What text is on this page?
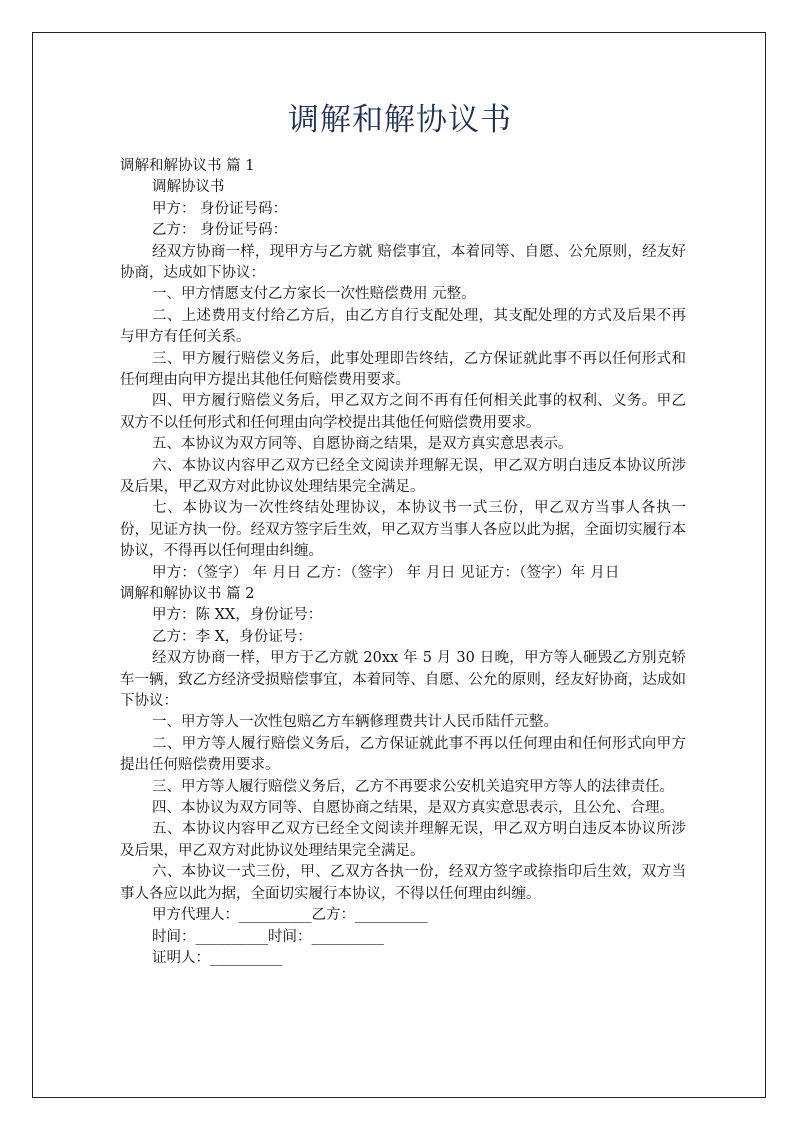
调解和解协议书
调解和解协议书 篇 1
调解协议书
甲方： 身份证号码：
乙方： 身份证号码：
经双方协商一样，现甲方与乙方就 赔偿事宜，本着同等、自愿、公允原则，经友好协商，达成如下协议：
一、甲方情愿支付乙方家长一次性赔偿费用 元整。
二、上述费用支付给乙方后，由乙方自行支配处理，其支配处理的方式及后果不再与甲方有任何关系。
三、甲方履行赔偿义务后，此事处理即告终结，乙方保证就此事不再以任何形式和任何理由向甲方提出其他任何赔偿费用要求。
四、甲方履行赔偿义务后，甲乙双方之间不再有任何相关此事的权利、义务。甲乙双方不以任何形式和任何理由向学校提出其他任何赔偿费用要求。
五、本协议为双方同等、自愿协商之结果，是双方真实意思表示。
六、本协议内容甲乙双方已经全文阅读并理解无误，甲乙双方明白违反本协议所涉及后果，甲乙双方对此协议处理结果完全满足。
七、本协议为一次性终结处理协议，本协议书一式三份，甲乙双方当事人各执一份，见证方执一份。经双方签字后生效，甲乙双方当事人各应以此为据，全面切实履行本协议，不得再以任何理由纠缠。
甲方：（签字） 年 月日 乙方：（签字） 年 月日 见证方：（签字）年 月日
调解和解协议书 篇 2
甲方：陈 XX，身份证号：
乙方：李 X，身份证号：
经双方协商一样，甲方于乙方就 20xx 年 5 月 30 日晚，甲方等人砸毁乙方别克轿车一辆，致乙方经济受损赔偿事宜，本着同等、自愿、公允的原则，经友好协商，达成如下协议：
一、甲方等人一次性包赔乙方车辆修理费共计人民币陆仟元整。
二、甲方等人履行赔偿义务后，乙方保证就此事不再以任何理由和任何形式向甲方提出任何赔偿费用要求。
三、甲方等人履行赔偿义务后，乙方不再要求公安机关追究甲方等人的法律责任。
四、本协议为双方同等、自愿协商之结果，是双方真实意思表示，且公允、合理。
五、本协议内容甲乙双方已经全文阅读并理解无误，甲乙双方明白违反本协议所涉及后果，甲乙双方对此协议处理结果完全满足。
六、本协议一式三份，甲、乙双方各执一份，经双方签字或捺指印后生效，双方当事人各应以此为据，全面切实履行本协议，不得以任何理由纠缠。
甲方代理人：__________乙方：__________
时间：__________时间：__________
证明人：__________
